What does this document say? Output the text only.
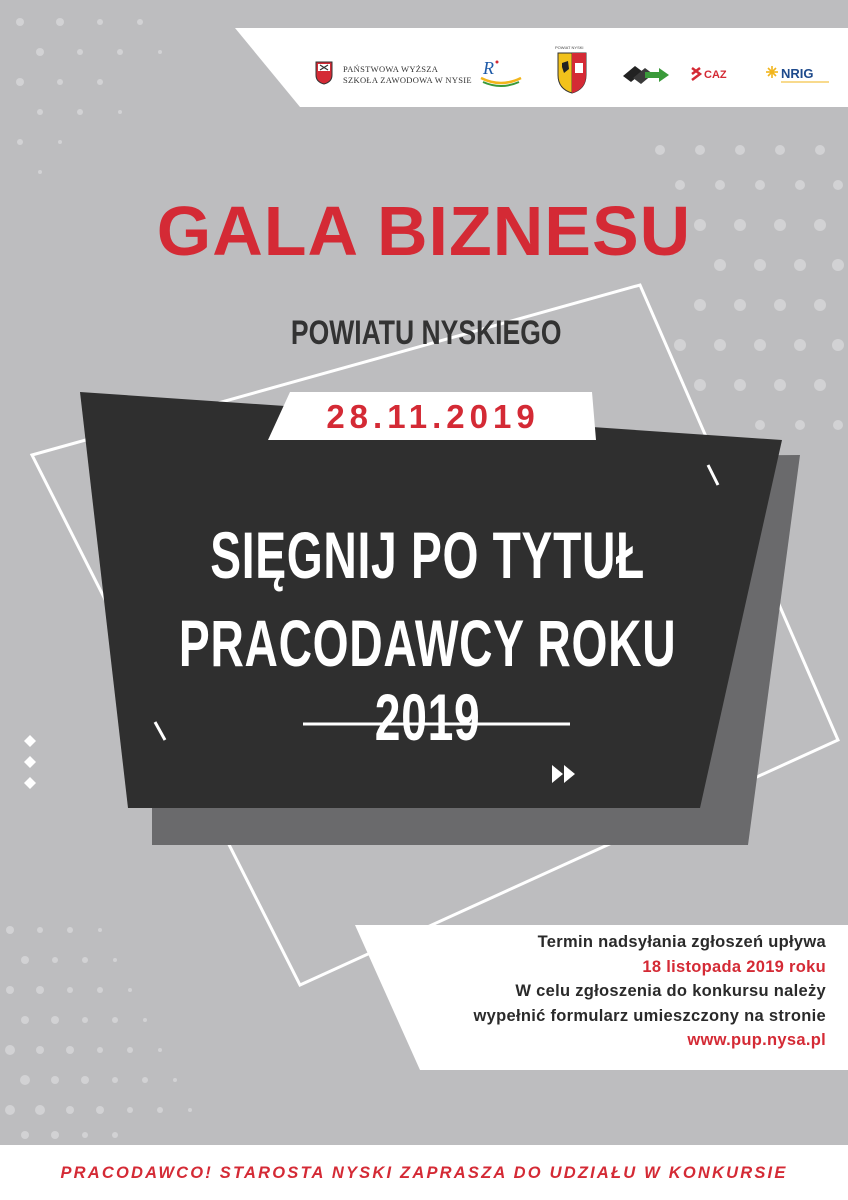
PAŃSTWOWA WYŻSZA
SZKOŁA ZAWODOWA W NYSIE
R
POWIAT NYSKI
CAZ	NRIG
GALA BIZNESU
POWIATU NYSKIEGO
28.11.2019
SIĘGNIJ PO TYTUŁ
PRACODAWCY ROKU 2019
Termin nadsyłania zgłoszeń upływa
18 listopada 2019 roku
W celu zgłoszenia do konkursu należy
wypełnić formularz umieszczony na stronie
www.pup.nysa.pl
PRACODAWCO! STAROSTA NYSKI ZAPRASZA DO UDZIAŁU W KONKURSIE
